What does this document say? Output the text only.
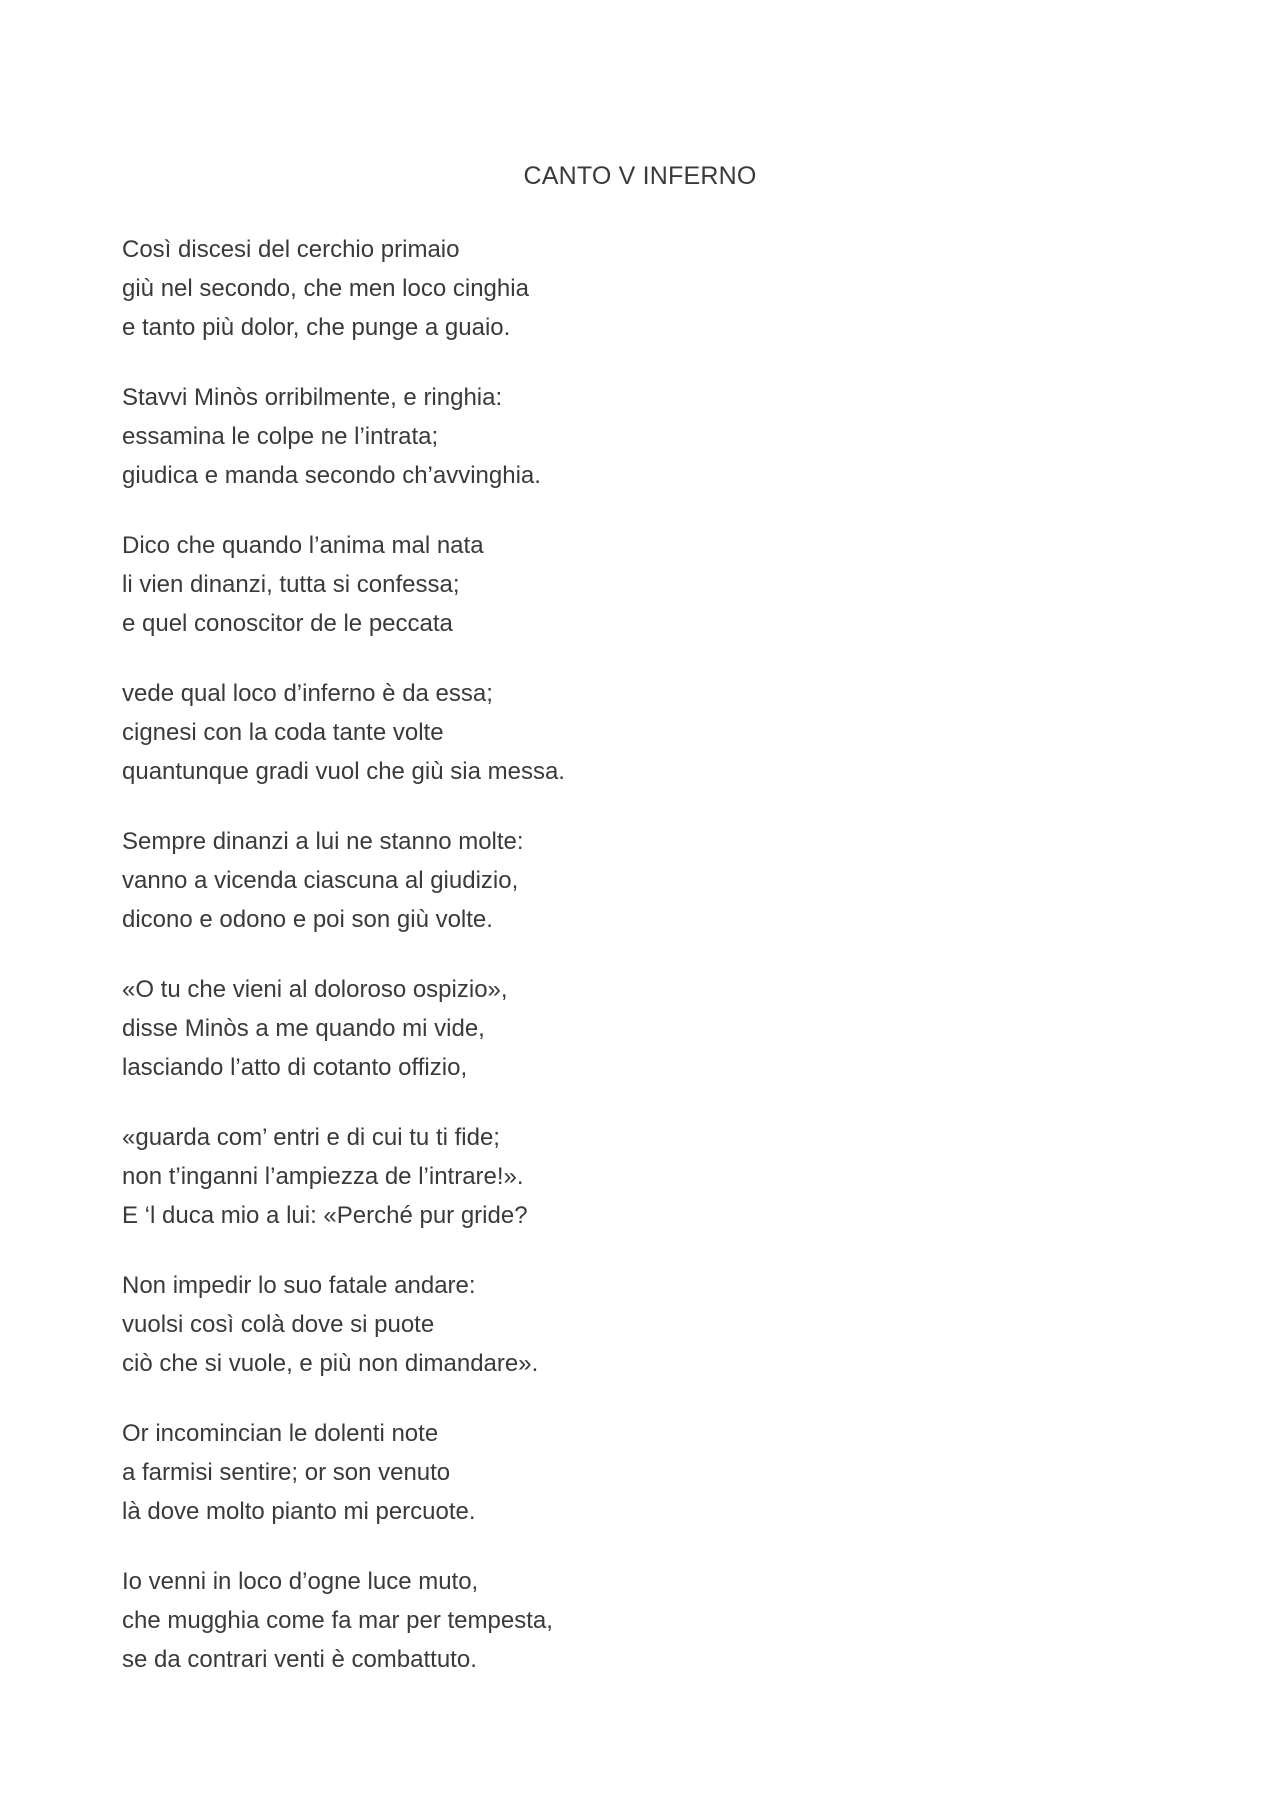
CANTO V INFERNO
Così discesi del cerchio primaio
giù nel secondo, che men loco cinghia
e tanto più dolor, che punge a guaio.
Stavvi Minòs orribilmente, e ringhia:
essamina le colpe ne l’intrata;
giudica e manda secondo ch’avvinghia.
Dico che quando l’anima mal nata
li vien dinanzi, tutta si confessa;
e quel conoscitor de le peccata
vede qual loco d’inferno è da essa;
cignesi con la coda tante volte
quantunque gradi vuol che giù sia messa.
Sempre dinanzi a lui ne stanno molte:
vanno a vicenda ciascuna al giudizio,
dicono e odono e poi son giù volte.
«O tu che vieni al doloroso ospizio»,
disse Minòs a me quando mi vide,
lasciando l’atto di cotanto offizio,
«guarda com’ entri e di cui tu ti fide;
non t’inganni l’ampiezza de l’intrare!».
E ‘l duca mio a lui: «Perché pur gride?
Non impedir lo suo fatale andare:
vuolsi così colà dove si puote
ciò che si vuole, e più non dimandare».
Or incomincian le dolenti note
a farmisi sentire; or son venuto
là dove molto pianto mi percuote.
Io venni in loco d’ogne luce muto,
che mugghia come fa mar per tempesta,
se da contrari venti è combattuto.
